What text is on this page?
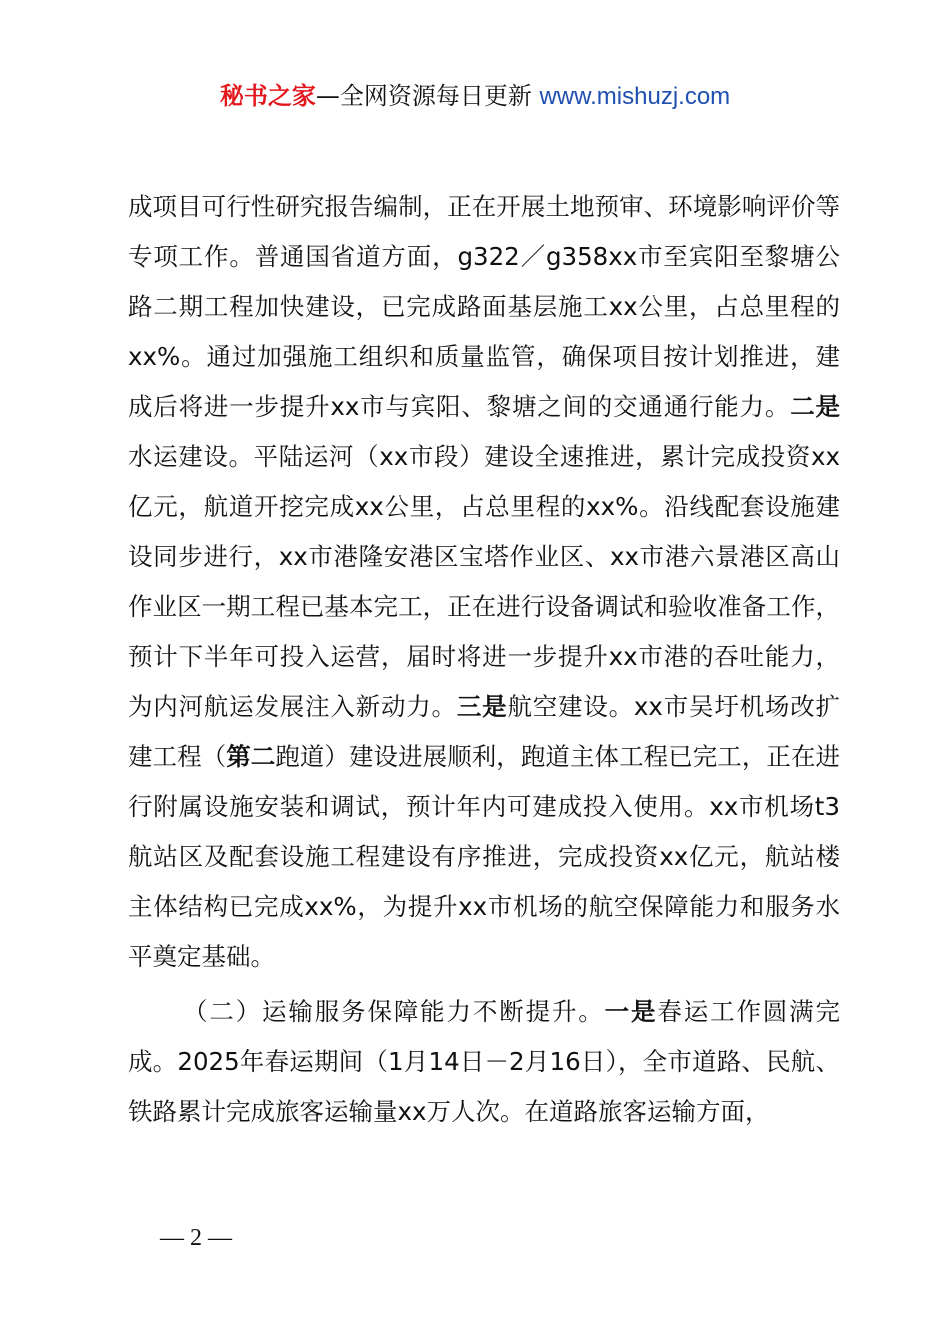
秘书之家—全网资源每日更新 www.mishuzj.com

成项目可行性研究报告编制，正在开展土地预审、环境影响评价等专项工作。普通国省道方面，g322／g358xx市至宾阳至黎塘公路二期工程加快建设，已完成路面基层施工xx公里，占总里程的xx%。通过加强施工组织和质量监管，确保项目按计划推进，建成后将进一步提升xx市与宾阳、黎塘之间的交通通行能力。二是水运建设。平陆运河（xx市段）建设全速推进，累计完成投资xx亿元，航道开挖完成xx公里，占总里程的xx%。沿线配套设施建设同步进行，xx市港隆安港区宝塔作业区、xx市港六景港区高山作业区一期工程已基本完工，正在进行设备调试和验收准备工作，预计下半年可投入运营，届时将进一步提升xx市港的吞吐能力，为内河航运发展注入新动力。三是航空建设。xx市吴圩机场改扩建工程（第二跑道）建设进展顺利，跑道主体工程已完工，正在进行附属设施安装和调试，预计年内可建成投入使用。xx市机场t3航站区及配套设施工程建设有序推进，完成投资xx亿元，航站楼主体结构已完成xx%，为提升xx市机场的航空保障能力和服务水平奠定基础。

（二）运输服务保障能力不断提升。一是春运工作圆满完成。2025年春运期间（1月14日－2月16日），全市道路、民航、铁路累计完成旅客运输量xx万人次。在道路旅客运输方面，

— 2 —
